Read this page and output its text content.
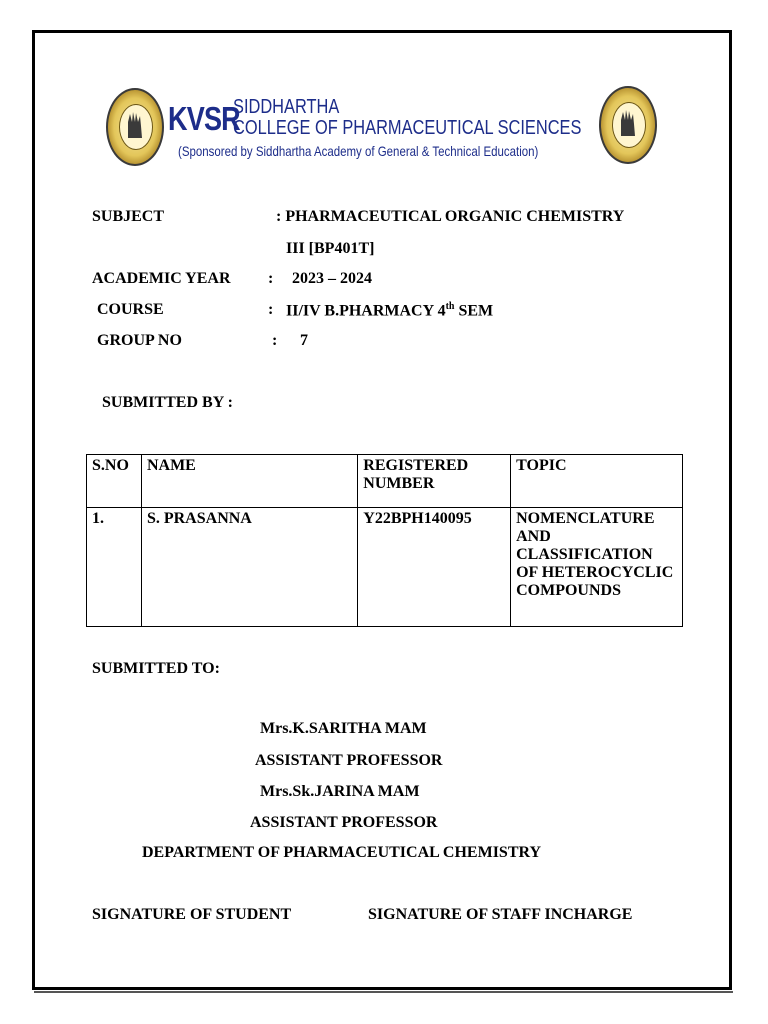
KVSR
SIDDHARTHA
COLLEGE OF PHARMACEUTICAL SCIENCES
(Sponsored by Siddhartha Academy of General & Technical Education)
SUBJECT	: PHARMACEUTICAL ORGANIC CHEMISTRY
III [BP401T]
ACADEMIC YEAR : 2023 – 2024
COURSE	: II/IV B.PHARMACY 4th SEM
GROUP NO	: 7
SUBMITTED BY :
S.NO	NAME	REGISTERED NUMBER	TOPIC
1.	S. PRASANNA	Y22BPH140095	NOMENCLATURE AND CLASSIFICATION OF HETEROCYCLIC COMPOUNDS
SUBMITTED TO:
Mrs.K.SARITHA MAM
ASSISTANT PROFESSOR
Mrs.Sk.JARINA MAM
ASSISTANT PROFESSOR
DEPARTMENT OF PHARMACEUTICAL CHEMISTRY
SIGNATURE OF STUDENT	SIGNATURE OF STAFF INCHARGE
